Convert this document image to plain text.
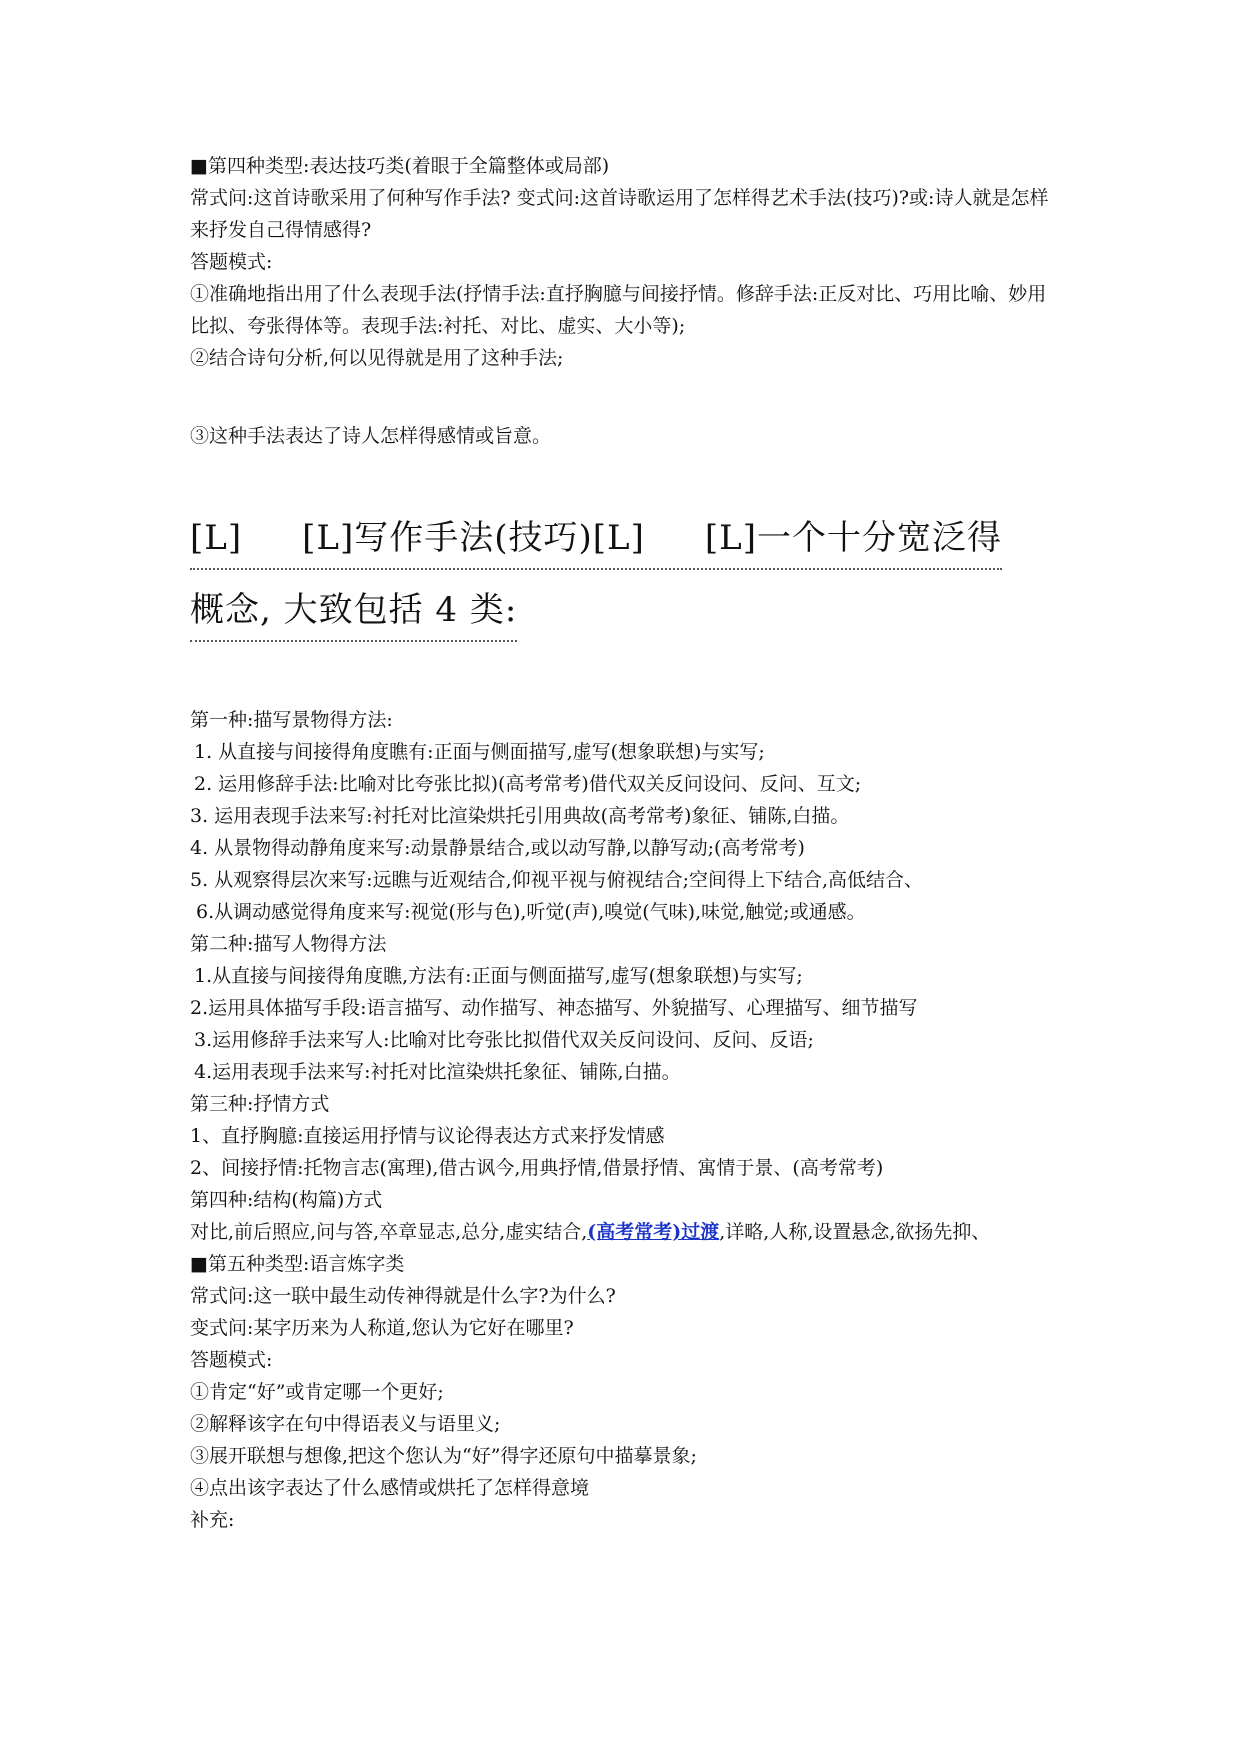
■第四种类型:表达技巧类(着眼于全篇整体或局部)
常式问:这首诗歌采用了何种写作手法? 变式问:这首诗歌运用了怎样得艺术手法(技巧)?或:诗人就是怎样来抒发自己得情感得?
答题模式:
①准确地指出用了什么表现手法(抒情手法:直抒胸臆与间接抒情。修辞手法:正反对比、巧用比喻、妙用比拟、夸张得体等。表现手法:衬托、对比、虚实、大小等);
②结合诗句分析,何以见得就是用了这种手法;
③这种手法表达了诗人怎样得感情或旨意。
[L] [L]写作手法(技巧)[L] [L]一个十分宽泛得
概念, 大致包括 4 类:
第一种:描写景物得方法:
1. 从直接与间接得角度瞧有:正面与侧面描写,虚写(想象联想)与实写;
2. 运用修辞手法:比喻对比夸张比拟)(高考常考)借代双关反问设问、反问、互文;
3. 运用表现手法来写:衬托对比渲染烘托引用典故(高考常考)象征、铺陈,白描。
4. 从景物得动静角度来写:动景静景结合,或以动写静,以静写动;(高考常考)
5. 从观察得层次来写:远瞧与近观结合,仰视平视与俯视结合;空间得上下结合,高低结合、
6.从调动感觉得角度来写:视觉(形与色),听觉(声),嗅觉(气味),味觉,触觉;或通感。
第二种:描写人物得方法
1.从直接与间接得角度瞧,方法有:正面与侧面描写,虚写(想象联想)与实写;
2.运用具体描写手段:语言描写、动作描写、神态描写、外貌描写、心理描写、细节描写
3.运用修辞手法来写人:比喻对比夸张比拟借代双关反问设问、反问、反语;
4.运用表现手法来写:衬托对比渲染烘托象征、铺陈,白描。
第三种:抒情方式
1、直抒胸臆:直接运用抒情与议论得表达方式来抒发情感
2、间接抒情:托物言志(寓理),借古讽今,用典抒情,借景抒情、寓情于景、(高考常考)
第四种:结构(构篇)方式
对比,前后照应,问与答,卒章显志,总分,虚实结合,(高考常考)过渡,详略,人称,设置悬念,欲扬先抑、
■第五种类型:语言炼字类
常式问:这一联中最生动传神得就是什么字?为什么?
变式问:某字历来为人称道,您认为它好在哪里?
答题模式:
①肯定“好”或肯定哪一个更好;
②解释该字在句中得语表义与语里义;
③展开联想与想像,把这个您认为“好”得字还原句中描摹景象;
④点出该字表达了什么感情或烘托了怎样得意境
补充:
